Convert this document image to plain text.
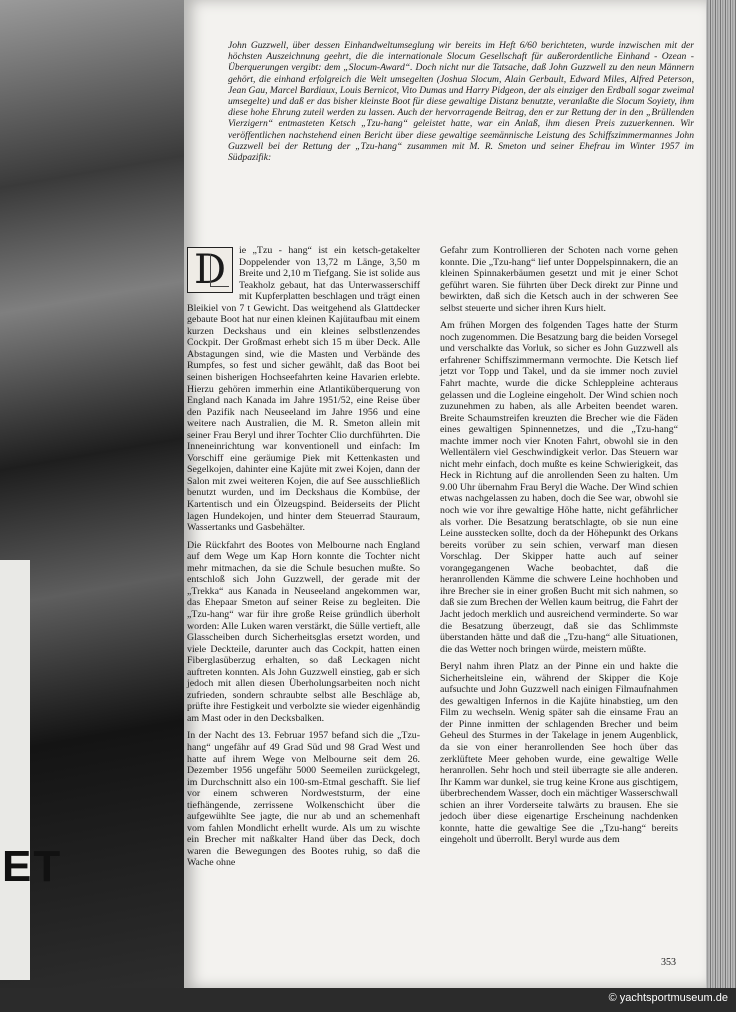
ET
John Guzzwell, über dessen Einhandweltumseglung wir bereits im Heft 6/60 berichteten, wurde inzwischen mit der höchsten Auszeichnung geehrt, die die internationale Slocum Gesellschaft für außerordentliche Einhand - Ozean - Überquerungen vergibt: dem „Slocum-Award“. Doch nicht nur die Tatsache, daß John Guzzwell zu den neun Männern gehört, die einhand erfolgreich die Welt umsegelten (Joshua Slocum, Alain Gerbault, Edward Miles, Alfred Peterson, Jean Gau, Marcel Bardiaux, Louis Bernicot, Vito Dumas und Harry Pidgeon, der als einziger den Erdball sogar zweimal umsegelte) und daß er das bisher kleinste Boot für diese gewaltige Distanz benutzte, veranlaßte die Slocum Soyiety, ihm diese hohe Ehrung zuteil werden zu lassen. Auch der hervorragende Beitrag, den er zur Rettung der in den „Brüllenden Vierzigern“ entmasteten Ketsch „Tzu-hang“ geleistet hatte, war ein Anlaß, ihm diesen Preis zuzuerkennen. Wir veröffentlichen nachstehend einen Bericht über diese gewaltige seemännische Leistung des Schiffszimmermannes John Guzzwell bei der Rettung der „Tzu-hang“ zusammen mit M. R. Smeton und seiner Ehefrau im Winter 1957 im Südpazifik:

D	ie „Tzu - hang“ ist ein ketsch-getakelter Doppelender von 13,72 m Länge, 3,50 m Breite und 2,10 m Tiefgang. Sie ist solide aus Teakholz gebaut, hat das Unterwasserschiff mit Kupferplatten beschlagen und trägt einen Bleikiel von 7 t Gewicht. Das weitgehend als Glattdecker gebaute Boot hat nur einen kleinen Kajütaufbau mit einem kurzen Deckshaus und ein kleines selbstlenzendes Cockpit. Der Großmast erhebt sich 15 m über Deck. Alle Abstagungen sind, wie die Masten und Verbände des Rumpfes, so fest und sicher gewählt, daß das Boot bei seinen bisherigen Hochseefahrten keine Havarien erlebte. Hierzu gehören immerhin eine Atlantiküberquerung von England nach Kanada im Jahre 1951/52, eine Reise über den Pazifik nach Neuseeland im Jahre 1956 und eine weitere nach Australien, die M. R. Smeton allein mit seiner Frau Beryl und ihrer Tochter Clio durchführten. Die Inneneinrichtung war konventionell und einfach: Im Vorschiff eine geräumige Piek mit Kettenkasten und Segelkojen, dahinter eine Kajüte mit zwei Kojen, dann der Salon mit zwei weiteren Kojen, die auf See ausschließlich benutzt wurden, und im Deckshaus die Kombüse, der Kartentisch und ein Ölzeugspind. Beiderseits der Plicht lagen Hundekojen, und hinter dem Steuerrad Stauraum, Wassertanks und Gasbehälter.

Die Rückfahrt des Bootes von Melbourne nach England auf dem Wege um Kap Horn konnte die Tochter nicht mehr mitmachen, da sie die Schule besuchen mußte. So entschloß sich John Guzzwell, der gerade mit der „Trekka“ aus Kanada in Neuseeland angekommen war, das Ehepaar Smeton auf seiner Reise zu begleiten. Die „Tzu-hang“ war für ihre große Reise gründlich überholt worden: Alle Luken waren verstärkt, die Sülle vertieft, alle Glasscheiben durch Sicherheitsglas ersetzt worden, und viele Deckteile, darunter auch das Cockpit, hatten einen Fiberglasüberzug erhalten, so daß Leckagen nicht auftreten konnten. Als John Guzzwell einstieg, gab er sich jedoch mit allen diesen Überholungsarbeiten noch nicht zufrieden, sondern schraubte selbst alle Beschläge ab, prüfte ihre Festigkeit und verbolzte sie wieder eigenhändig am Mast oder in den Decksbalken.

In der Nacht des 13. Februar 1957 befand sich die „Tzu-hang“ ungefähr auf 49 Grad Süd und 98 Grad West und hatte auf ihrem Wege von Melbourne seit dem 26. Dezember 1956 ungefähr 5000 Seemeilen zurückgelegt, im Durchschnitt also ein 100-sm-Etmal geschafft. Sie lief vor einem schweren Nordweststurm, der eine tiefhängende, zerrissene Wolkenschicht über die aufgewühlte See jagte, die nur ab und an schemenhaft vom fahlen Mondlicht erhellt wurde. Als um zu wischte ein Brecher mit naßkalter Hand über das Deck, doch waren die Bewegungen des Bootes ruhig, so daß die Wache ohne

Gefahr zum Kontrollieren der Schoten nach vorne gehen konnte. Die „Tzu-hang“ lief unter Doppelspinnakern, die an kleinen Spinnakerbäumen gesetzt und mit je einer Schot geführt waren. Sie führten über Deck direkt zur Pinne und bewirkten, daß sich die Ketsch auch in der schweren See selbst steuerte und sicher ihren Kurs hielt.

Am frühen Morgen des folgenden Tages hatte der Sturm noch zugenommen. Die Besatzung barg die beiden Vorsegel und verschalkte das Vorluk, so sicher es John Guzzwell als erfahrener Schiffszimmermann vermochte. Die Ketsch lief jetzt vor Topp und Takel, und da sie immer noch zuviel Fahrt machte, wurde die dicke Schleppleine achteraus gelassen und die Logleine eingeholt. Der Wind schien noch zuzunehmen zu haben, als alle Arbeiten beendet waren. Breite Schaumstreifen kreuzten die Brecher wie die Fäden eines gewaltigen Spinnennetzes, und die „Tzu-hang“ machte immer noch vier Knoten Fahrt, obwohl sie in den Wellentälern viel Geschwindigkeit verlor. Das Steuern war nicht mehr einfach, doch mußte es keine Schwierigkeit, das Heck in Richtung auf die anrollenden Seen zu halten. Um 9.00 Uhr übernahm Frau Beryl die Wache. Der Wind schien etwas nachgelassen zu haben, doch die See war, obwohl sie noch wie vor ihre gewaltige Höhe hatte, nicht gefährlicher als vorher. Die Besatzung beratschlagte, ob sie nun eine Leine ausstecken sollte, doch da der Höhepunkt des Orkans bereits vorüber zu sein schien, verwarf man diesen Vorschlag. Der Skipper hatte auch auf seiner vorangegangenen Wache beobachtet, daß die heranrollenden Kämme die schwere Leine hochhoben und ihre Brecher sie in einer großen Bucht mit sich nahmen, so daß sie zum Brechen der Wellen kaum beitrug, die Fahrt der Jacht jedoch merklich und ausreichend verminderte. So war die Besatzung überzeugt, daß sie das Schlimmste überstanden hätte und daß die „Tzu-hang“ alle Situationen, die das Wetter noch bringen würde, meistern müßte.

Beryl nahm ihren Platz an der Pinne ein und hakte die Sicherheitsleine ein, während der Skipper die Koje aufsuchte und John Guzzwell nach einigen Filmaufnahmen des gewaltigen Infernos in die Kajüte hinabstieg, um den Film zu wechseln. Wenig später sah die einsame Frau an der Pinne inmitten der schlagenden Brecher und beim Geheul des Sturmes in der Takelage in jenem Augenblick, da sie von einer heranrollenden See hoch über das zerklüftete Meer gehoben wurde, eine gewaltige Welle heranrollen. Sehr hoch und steil überragte sie alle anderen. Ihr Kamm war dunkel, sie trug keine Krone aus gischtigem, überbrechendem Wasser, doch ein mächtiger Wasserschwall schien an ihrer Vorderseite talwärts zu brausen. Ehe sie jedoch über diese eigenartige Erscheinung nachdenken konnte, hatte die gewaltige See die „Tzu-hang“ bereits eingeholt und überrollt. Beryl wurde aus dem

353
© yachtsportmuseum.de
